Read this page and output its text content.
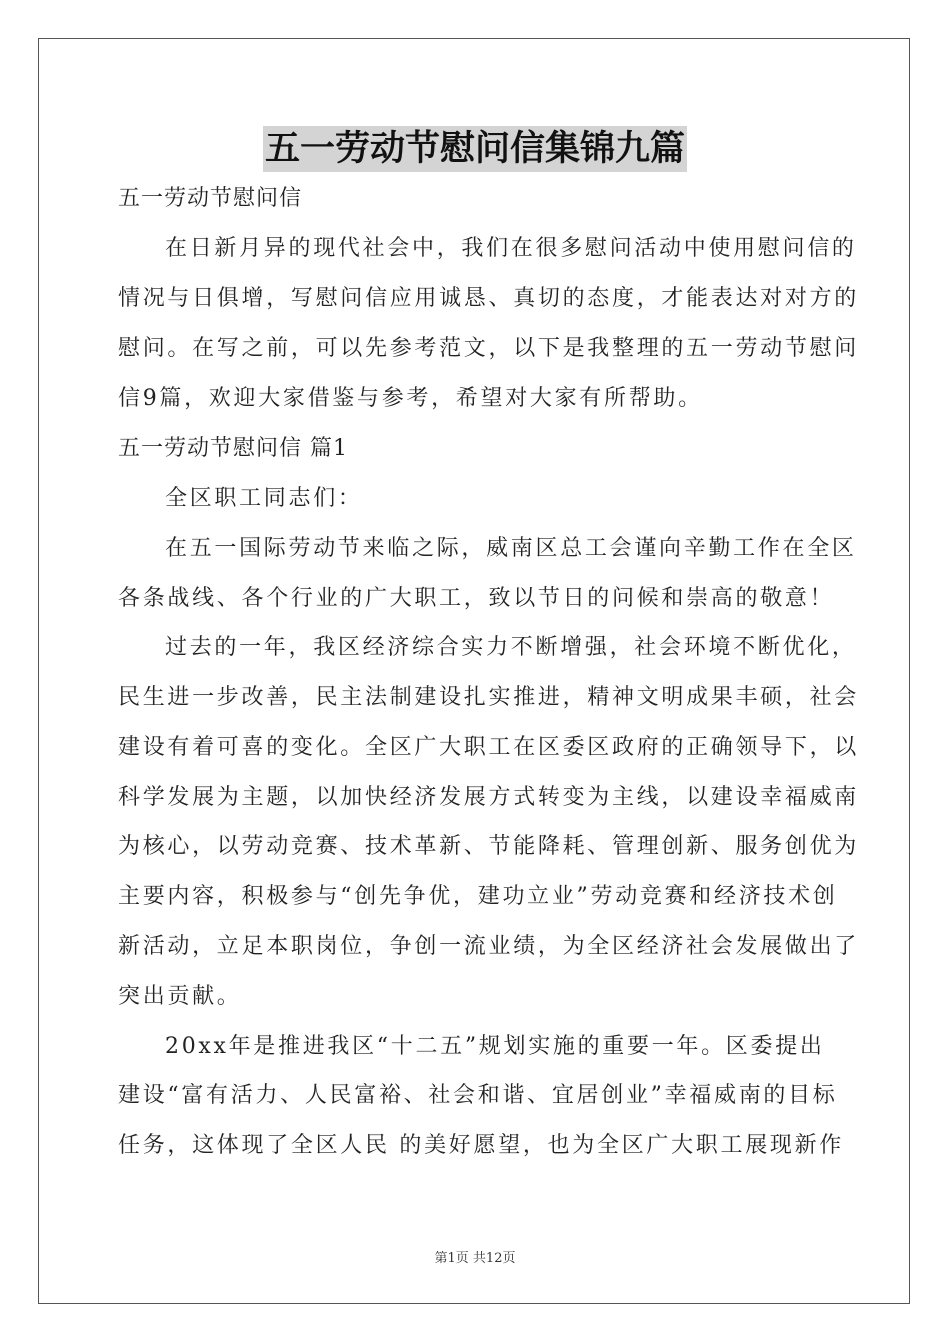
五一劳动节慰问信集锦九篇
五一劳动节慰问信
在日新月异的现代社会中，我们在很多慰问活动中使用慰问信的
情况与日俱增，写慰问信应用诚恳、真切的态度，才能表达对对方的
慰问。在写之前，可以先参考范文，以下是我整理的五一劳动节慰问
信9篇，欢迎大家借鉴与参考，希望对大家有所帮助。
五一劳动节慰问信 篇1
全区职工同志们：
在五一国际劳动节来临之际，威南区总工会谨向辛勤工作在全区
各条战线、各个行业的广大职工，致以节日的问候和崇高的敬意！
过去的一年，我区经济综合实力不断增强，社会环境不断优化，
民生进一步改善，民主法制建设扎实推进，精神文明成果丰硕，社会
建设有着可喜的变化。全区广大职工在区委区政府的正确领导下，以
科学发展为主题，以加快经济发展方式转变为主线，以建设幸福威南
为核心，以劳动竞赛、技术革新、节能降耗、管理创新、服务创优为
主要内容，积极参与“创先争优，建功立业”劳动竞赛和经济技术创
新活动，立足本职岗位，争创一流业绩，为全区经济社会发展做出了
突出贡献。
20xx年是推进我区“十二五”规划实施的重要一年。区委提出
建设“富有活力、人民富裕、社会和谐、宜居创业”幸福威南的目标
任务，这体现了全区人民 的美好愿望，也为全区广大职工展现新作
第1页 共12页
